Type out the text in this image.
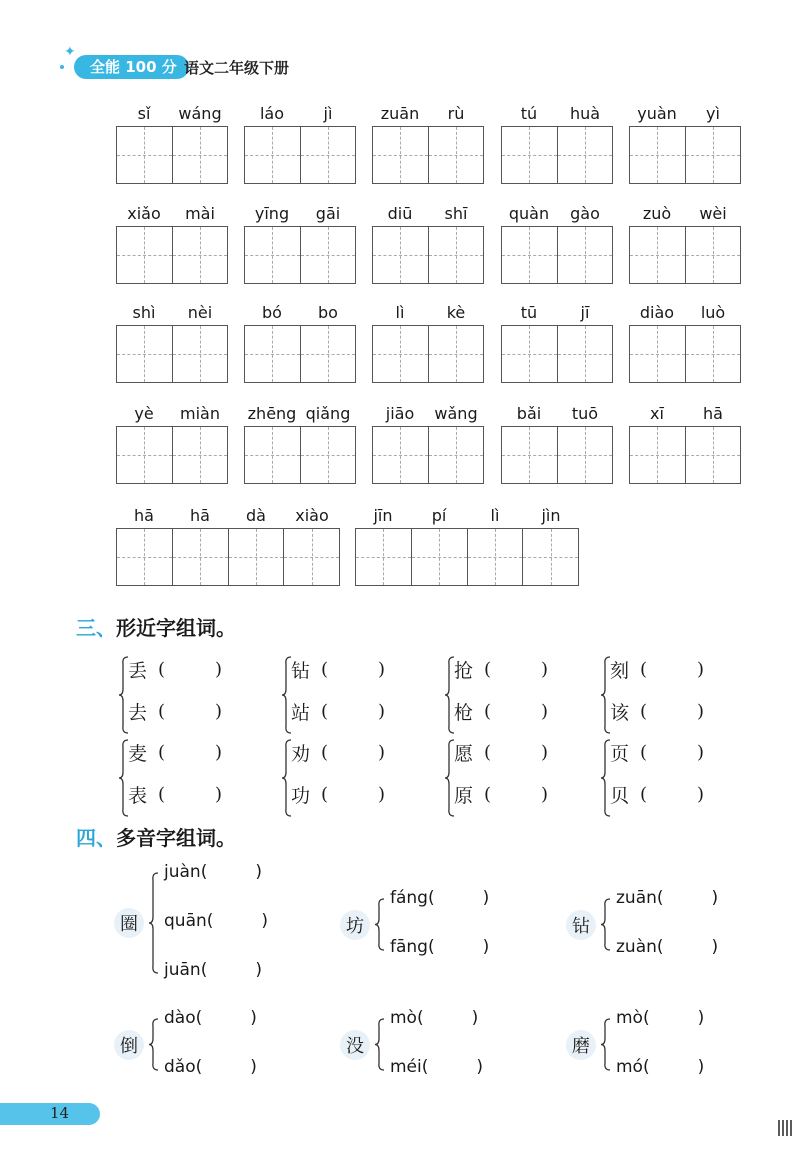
✦
全能 100 分 语文二年级下册
sǐ	wáng	láo	jì	zuān	rù	tú	huà	yuàn	yì
xiǎo	mài	yīng	gāi	diū	shī	quàn	gào	zuò	wèi
shì	nèi	bó	bo	lì	kè	tū	jī	diào	luò
yè	miàn	zhēng qiǎng	jiāo	wǎng	bǎi	tuō	xī	hā
hā	hā	dà	xiào	jīn	pí	lì	jìn
三、形近字组词。
丢 (	)
去 (	)
钻 (	)
站 (	)
抢 (	)
枪 (	)
刻 (	)
该 (	)
麦 (	)
表 (	)
劝 (	)
功 (	)
愿 (	)
原 (	)
页 (	)
贝 (	)
四、多音字组词。
圈
juàn (	)
quān (	)
juān (	)
坊
fáng (	)
fāng (	)
钻
zuān (	)
zuàn (	)
倒
dào (	)
dǎo (	)
没
mò (	)
méi (	)
磨
mò (	)
mó (	)
14
